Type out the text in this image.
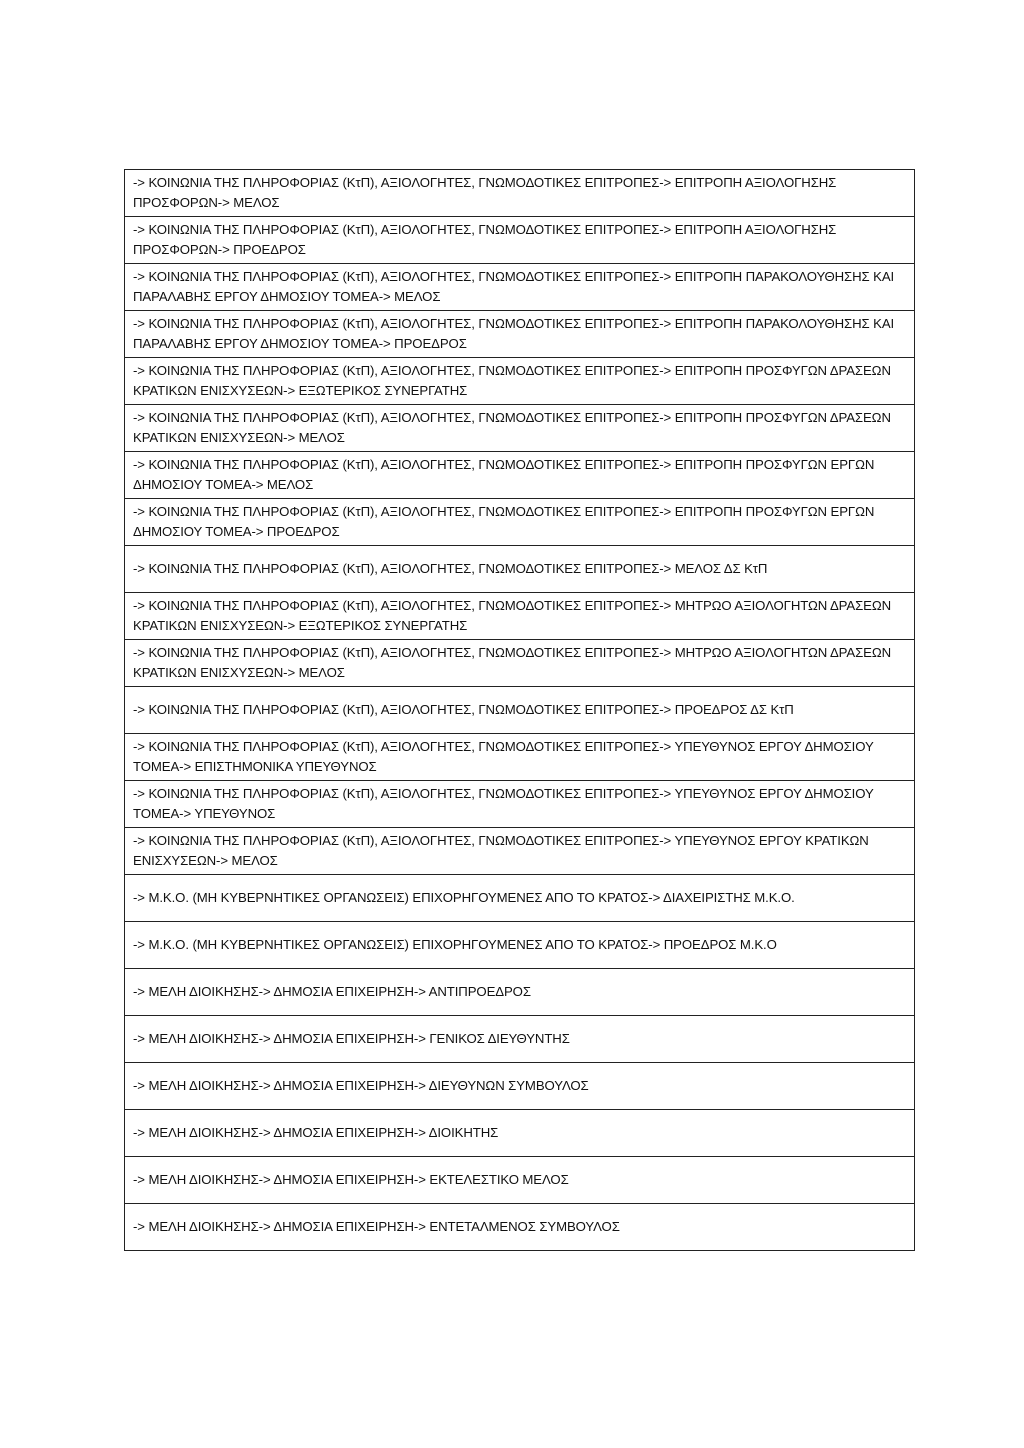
-> ΚΟΙΝΩΝΙΑ ΤΗΣ ΠΛΗΡΟΦΟΡΙΑΣ (ΚτΠ), ΑΞΙΟΛΟΓΗΤΕΣ, ΓΝΩΜΟΔΟΤΙΚΕΣ ΕΠΙΤΡΟΠΕΣ-> ΕΠΙΤΡΟΠΗ ΑΞΙΟΛΟΓΗΣΗΣ ΠΡΟΣΦΟΡΩΝ-> ΜΕΛΟΣ
-> ΚΟΙΝΩΝΙΑ ΤΗΣ ΠΛΗΡΟΦΟΡΙΑΣ (ΚτΠ), ΑΞΙΟΛΟΓΗΤΕΣ, ΓΝΩΜΟΔΟΤΙΚΕΣ ΕΠΙΤΡΟΠΕΣ-> ΕΠΙΤΡΟΠΗ ΑΞΙΟΛΟΓΗΣΗΣ ΠΡΟΣΦΟΡΩΝ-> ΠΡΟΕΔΡΟΣ
-> ΚΟΙΝΩΝΙΑ ΤΗΣ ΠΛΗΡΟΦΟΡΙΑΣ (ΚτΠ), ΑΞΙΟΛΟΓΗΤΕΣ, ΓΝΩΜΟΔΟΤΙΚΕΣ ΕΠΙΤΡΟΠΕΣ-> ΕΠΙΤΡΟΠΗ ΠΑΡΑΚΟΛΟΥΘΗΣΗΣ ΚΑΙ ΠΑΡΑΛΑΒΗΣ ΕΡΓΟΥ ΔΗΜΟΣΙΟΥ ΤΟΜΕΑ-> ΜΕΛΟΣ
-> ΚΟΙΝΩΝΙΑ ΤΗΣ ΠΛΗΡΟΦΟΡΙΑΣ (ΚτΠ), ΑΞΙΟΛΟΓΗΤΕΣ, ΓΝΩΜΟΔΟΤΙΚΕΣ ΕΠΙΤΡΟΠΕΣ-> ΕΠΙΤΡΟΠΗ ΠΑΡΑΚΟΛΟΥΘΗΣΗΣ ΚΑΙ ΠΑΡΑΛΑΒΗΣ ΕΡΓΟΥ ΔΗΜΟΣΙΟΥ ΤΟΜΕΑ-> ΠΡΟΕΔΡΟΣ
-> ΚΟΙΝΩΝΙΑ ΤΗΣ ΠΛΗΡΟΦΟΡΙΑΣ (ΚτΠ), ΑΞΙΟΛΟΓΗΤΕΣ, ΓΝΩΜΟΔΟΤΙΚΕΣ ΕΠΙΤΡΟΠΕΣ-> ΕΠΙΤΡΟΠΗ ΠΡΟΣΦΥΓΩΝ ΔΡΑΣΕΩΝ ΚΡΑΤΙΚΩΝ ΕΝΙΣΧΥΣΕΩΝ-> ΕΞΩΤΕΡΙΚΟΣ ΣΥΝΕΡΓΑΤΗΣ
-> ΚΟΙΝΩΝΙΑ ΤΗΣ ΠΛΗΡΟΦΟΡΙΑΣ (ΚτΠ), ΑΞΙΟΛΟΓΗΤΕΣ, ΓΝΩΜΟΔΟΤΙΚΕΣ ΕΠΙΤΡΟΠΕΣ-> ΕΠΙΤΡΟΠΗ ΠΡΟΣΦΥΓΩΝ ΔΡΑΣΕΩΝ ΚΡΑΤΙΚΩΝ ΕΝΙΣΧΥΣΕΩΝ-> ΜΕΛΟΣ
-> ΚΟΙΝΩΝΙΑ ΤΗΣ ΠΛΗΡΟΦΟΡΙΑΣ (ΚτΠ), ΑΞΙΟΛΟΓΗΤΕΣ, ΓΝΩΜΟΔΟΤΙΚΕΣ ΕΠΙΤΡΟΠΕΣ-> ΕΠΙΤΡΟΠΗ ΠΡΟΣΦΥΓΩΝ ΕΡΓΩΝ ΔΗΜΟΣΙΟΥ ΤΟΜΕΑ-> ΜΕΛΟΣ
-> ΚΟΙΝΩΝΙΑ ΤΗΣ ΠΛΗΡΟΦΟΡΙΑΣ (ΚτΠ), ΑΞΙΟΛΟΓΗΤΕΣ, ΓΝΩΜΟΔΟΤΙΚΕΣ ΕΠΙΤΡΟΠΕΣ-> ΕΠΙΤΡΟΠΗ ΠΡΟΣΦΥΓΩΝ ΕΡΓΩΝ ΔΗΜΟΣΙΟΥ ΤΟΜΕΑ-> ΠΡΟΕΔΡΟΣ
-> ΚΟΙΝΩΝΙΑ ΤΗΣ ΠΛΗΡΟΦΟΡΙΑΣ (ΚτΠ), ΑΞΙΟΛΟΓΗΤΕΣ, ΓΝΩΜΟΔΟΤΙΚΕΣ ΕΠΙΤΡΟΠΕΣ-> ΜΕΛΟΣ ΔΣ ΚτΠ
-> ΚΟΙΝΩΝΙΑ ΤΗΣ ΠΛΗΡΟΦΟΡΙΑΣ (ΚτΠ), ΑΞΙΟΛΟΓΗΤΕΣ, ΓΝΩΜΟΔΟΤΙΚΕΣ ΕΠΙΤΡΟΠΕΣ-> ΜΗΤΡΩΟ ΑΞΙΟΛΟΓΗΤΩΝ ΔΡΑΣΕΩΝ ΚΡΑΤΙΚΩΝ ΕΝΙΣΧΥΣΕΩΝ-> ΕΞΩΤΕΡΙΚΟΣ ΣΥΝΕΡΓΑΤΗΣ
-> ΚΟΙΝΩΝΙΑ ΤΗΣ ΠΛΗΡΟΦΟΡΙΑΣ (ΚτΠ), ΑΞΙΟΛΟΓΗΤΕΣ, ΓΝΩΜΟΔΟΤΙΚΕΣ ΕΠΙΤΡΟΠΕΣ-> ΜΗΤΡΩΟ ΑΞΙΟΛΟΓΗΤΩΝ ΔΡΑΣΕΩΝ ΚΡΑΤΙΚΩΝ ΕΝΙΣΧΥΣΕΩΝ-> ΜΕΛΟΣ
-> ΚΟΙΝΩΝΙΑ ΤΗΣ ΠΛΗΡΟΦΟΡΙΑΣ (ΚτΠ), ΑΞΙΟΛΟΓΗΤΕΣ, ΓΝΩΜΟΔΟΤΙΚΕΣ ΕΠΙΤΡΟΠΕΣ-> ΠΡΟΕΔΡΟΣ ΔΣ ΚτΠ
-> ΚΟΙΝΩΝΙΑ ΤΗΣ ΠΛΗΡΟΦΟΡΙΑΣ (ΚτΠ), ΑΞΙΟΛΟΓΗΤΕΣ, ΓΝΩΜΟΔΟΤΙΚΕΣ ΕΠΙΤΡΟΠΕΣ-> ΥΠΕΥΘΥΝΟΣ ΕΡΓΟΥ ΔΗΜΟΣΙΟΥ ΤΟΜΕΑ-> ΕΠΙΣΤΗΜΟΝΙΚΑ ΥΠΕΥΘΥΝΟΣ
-> ΚΟΙΝΩΝΙΑ ΤΗΣ ΠΛΗΡΟΦΟΡΙΑΣ (ΚτΠ), ΑΞΙΟΛΟΓΗΤΕΣ, ΓΝΩΜΟΔΟΤΙΚΕΣ ΕΠΙΤΡΟΠΕΣ-> ΥΠΕΥΘΥΝΟΣ ΕΡΓΟΥ ΔΗΜΟΣΙΟΥ ΤΟΜΕΑ-> ΥΠΕΥΘΥΝΟΣ
-> ΚΟΙΝΩΝΙΑ ΤΗΣ ΠΛΗΡΟΦΟΡΙΑΣ (ΚτΠ), ΑΞΙΟΛΟΓΗΤΕΣ, ΓΝΩΜΟΔΟΤΙΚΕΣ ΕΠΙΤΡΟΠΕΣ-> ΥΠΕΥΘΥΝΟΣ ΕΡΓΟΥ ΚΡΑΤΙΚΩΝ ΕΝΙΣΧΥΣΕΩΝ-> ΜΕΛΟΣ
-> Μ.Κ.Ο. (ΜΗ ΚΥΒΕΡΝΗΤΙΚΕΣ ΟΡΓΑΝΩΣΕΙΣ) ΕΠΙΧΟΡΗΓΟΥΜΕΝΕΣ ΑΠΟ ΤΟ ΚΡΑΤΟΣ-> ΔΙΑΧΕΙΡΙΣΤΗΣ Μ.Κ.Ο.
-> Μ.Κ.Ο. (ΜΗ ΚΥΒΕΡΝΗΤΙΚΕΣ ΟΡΓΑΝΩΣΕΙΣ) ΕΠΙΧΟΡΗΓΟΥΜΕΝΕΣ ΑΠΟ ΤΟ ΚΡΑΤΟΣ-> ΠΡΟΕΔΡΟΣ Μ.Κ.Ο
-> ΜΕΛΗ ΔΙΟΙΚΗΣΗΣ-> ΔΗΜΟΣΙΑ ΕΠΙΧΕΙΡΗΣΗ-> ΑΝΤΙΠΡΟΕΔΡΟΣ
-> ΜΕΛΗ ΔΙΟΙΚΗΣΗΣ-> ΔΗΜΟΣΙΑ ΕΠΙΧΕΙΡΗΣΗ-> ΓΕΝΙΚΟΣ ΔΙΕΥΘΥΝΤΗΣ
-> ΜΕΛΗ ΔΙΟΙΚΗΣΗΣ-> ΔΗΜΟΣΙΑ ΕΠΙΧΕΙΡΗΣΗ-> ΔΙΕΥΘΥΝΩΝ ΣΥΜΒΟΥΛΟΣ
-> ΜΕΛΗ ΔΙΟΙΚΗΣΗΣ-> ΔΗΜΟΣΙΑ ΕΠΙΧΕΙΡΗΣΗ-> ΔΙΟΙΚΗΤΗΣ
-> ΜΕΛΗ ΔΙΟΙΚΗΣΗΣ-> ΔΗΜΟΣΙΑ ΕΠΙΧΕΙΡΗΣΗ-> ΕΚΤΕΛΕΣΤΙΚΟ ΜΕΛΟΣ
-> ΜΕΛΗ ΔΙΟΙΚΗΣΗΣ-> ΔΗΜΟΣΙΑ ΕΠΙΧΕΙΡΗΣΗ-> ΕΝΤΕΤΑΛΜΕΝΟΣ ΣΥΜΒΟΥΛΟΣ
